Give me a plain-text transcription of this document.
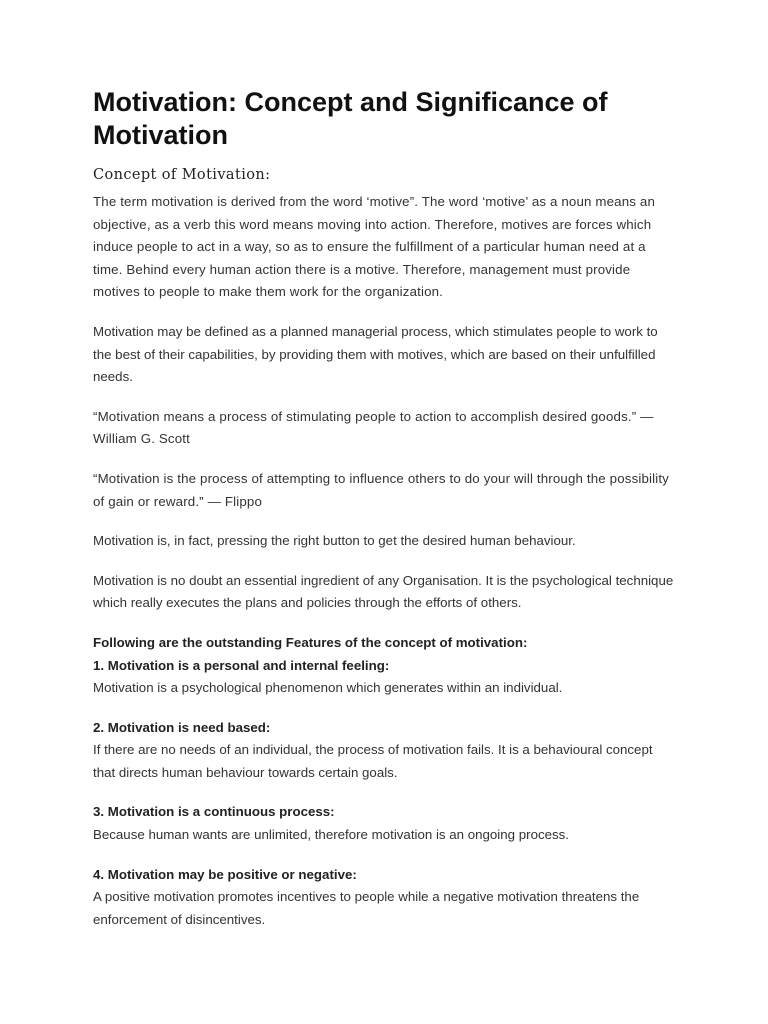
Motivation: Concept and Significance of Motivation
Concept of Motivation:

The term motivation is derived from the word ‘motive”. The word ‘motive’ as a noun means an objective, as a verb this word means moving into action. Therefore, motives are forces which induce people to act in a way, so as to ensure the fulfillment of a particular human need at a time. Behind every human action there is a motive. Therefore, management must provide motives to people to make them work for the organization.

Motivation may be defined as a planned managerial process, which stimulates people to work to the best of their capabilities, by providing them with motives, which are based on their unfulfilled needs.

“Motivation means a process of stimulating people to action to accomplish desired goods.” — William G. Scott

“Motivation is the process of attempting to influence others to do your will through the possibility of gain or reward.” — Flippo

Motivation is, in fact, pressing the right button to get the desired human behaviour.

Motivation is no doubt an essential ingredient of any Organisation. It is the psychological technique which really executes the plans and policies through the efforts of others.

Following are the outstanding Features of the concept of motivation:

1. Motivation is a personal and internal feeling:

Motivation is a psychological phenomenon which generates within an individual.

2. Motivation is need based:

If there are no needs of an individual, the process of motivation fails. It is a behavioural concept that directs human behaviour towards certain goals.

3. Motivation is a continuous process:

Because human wants are unlimited, therefore motivation is an ongoing process.

4. Motivation may be positive or negative:

A positive motivation promotes incentives to people while a negative motivation threatens the enforcement of disincentives.
